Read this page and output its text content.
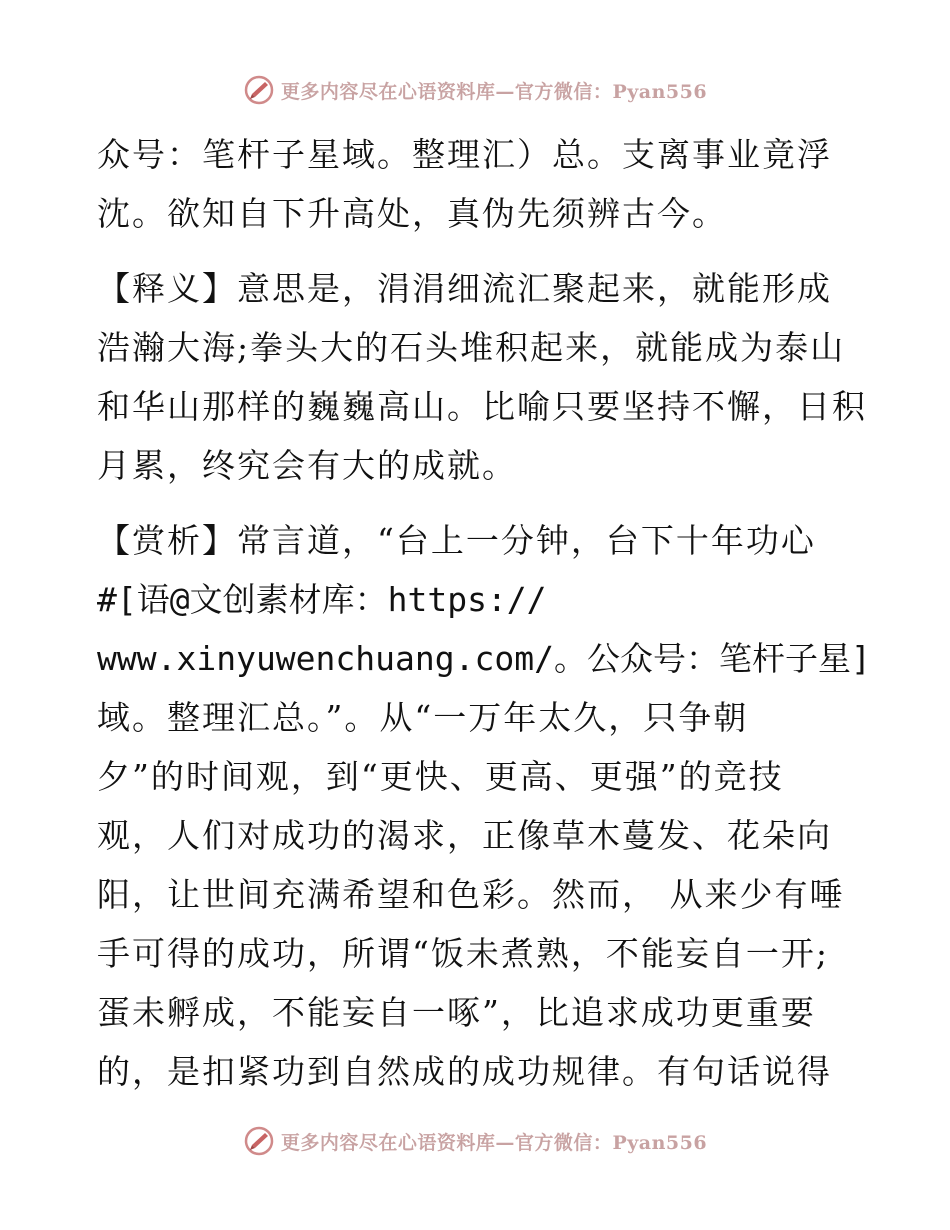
更多内容尽在心语资料库—官方微信：Pyan556
众号：笔杆子星域。整理汇）总。支离事业竟浮
沈。欲知自下升高处，真伪先须辨古今。
【释义】意思是，涓涓细流汇聚起来，就能形成
浩瀚大海;拳头大的石头堆积起来，就能成为泰山
和华山那样的巍巍高山。比喻只要坚持不懈，日积
月累，终究会有大的成就。
【赏析】常言道，“台上一分钟，台下十年功心
#[语@文创素材库：https://
www.xinyuwenchuang.com/。公众号：笔杆子星]
域。整理汇总。”。从“一万年太久，只争朝
夕”的时间观，到“更快、更高、更强”的竞技
观，人们对成功的渴求，正像草木蔓发、花朵向
阳，让世间充满希望和色彩。然而， 从来少有唾
手可得的成功，所谓“饭未煮熟，不能妄自一开;
蛋未孵成，不能妄自一啄”，比追求成功更重要
的，是扣紧功到自然成的成功规律。有句话说得
更多内容尽在心语资料库—官方微信：Pyan556
